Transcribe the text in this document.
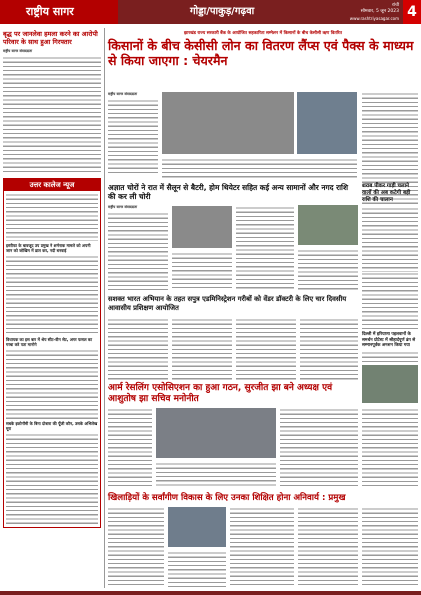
राष्ट्रीय सागर	गोड्डा/पाकुड़/गढ़वा
रांची
सोमवार, 5 जून 2023
www.rashtriyasagar.com 4
बृद्ध पर जानलेवा हमला करने का आरोपी परिवार के साथ हुआ गिरफ्तार
राष्ट्रीय सागर संवाददाता
उत्तर कालेज न्यूज
इस्तीफा के बावजूद उप प्रमुख ने शर्मनाक मामले को अपनी जान को जोखिम में डाल कर, नदी बनवाई
विधायक का इस बार में श्रेय सीट-वीन सेट, अगर फसल का गरबा करे पता मानोगे
सबके इकोनॉमी के बिना दोबारा की पूँजी कौन, उसके अभिलेख मूरा
झारखंड राज्य सरकारी बैंक के आयोजित सहकारिता सम्मेलन में किसानों के बीच केसीसी ऋण वितरित
किसानों के बीच केसीसी लोन का वितरण लैंप्स एवं पैक्स के माध्यम से किया जाएगा : चेयरमैन
राष्ट्रीय सागर संवाददाता
अज्ञात चोरों ने रात में सैलून से बैटरी, होम थियेटर सहित कई अन्य सामानों और नगद राशि की कर ली चोरी
राष्ट्रीय सागर संवाददाता
शराब पीकर गाड़ी चलाने वालों की अब कटेगी बड़ी राशि की चालान
सशक्त भारत अभियान के तहत सपुत्र एडमिनिस्ट्रेशन गरीबों को वेंडर डॉक्टरी के लिए चार दिवसीय आवासीय प्रशिक्षण आयोजित
दिल्ली में हरियाणा पहलवानों के समर्थन प्रोटेस्ट में सौहार्दपूर्ण ढंग से सम्मानपूर्वक अनशन किया गया
आर्म रेसलिंग एसोसिएशन का हुआ गठन, सुरजीत झा बने अध्यक्ष एवं आशुतोष झा सचिव मनोनीत
खिलाड़ियों के सर्वांगीण विकास के लिए उनका शिक्षित होना अनिवार्य : प्रमुख
